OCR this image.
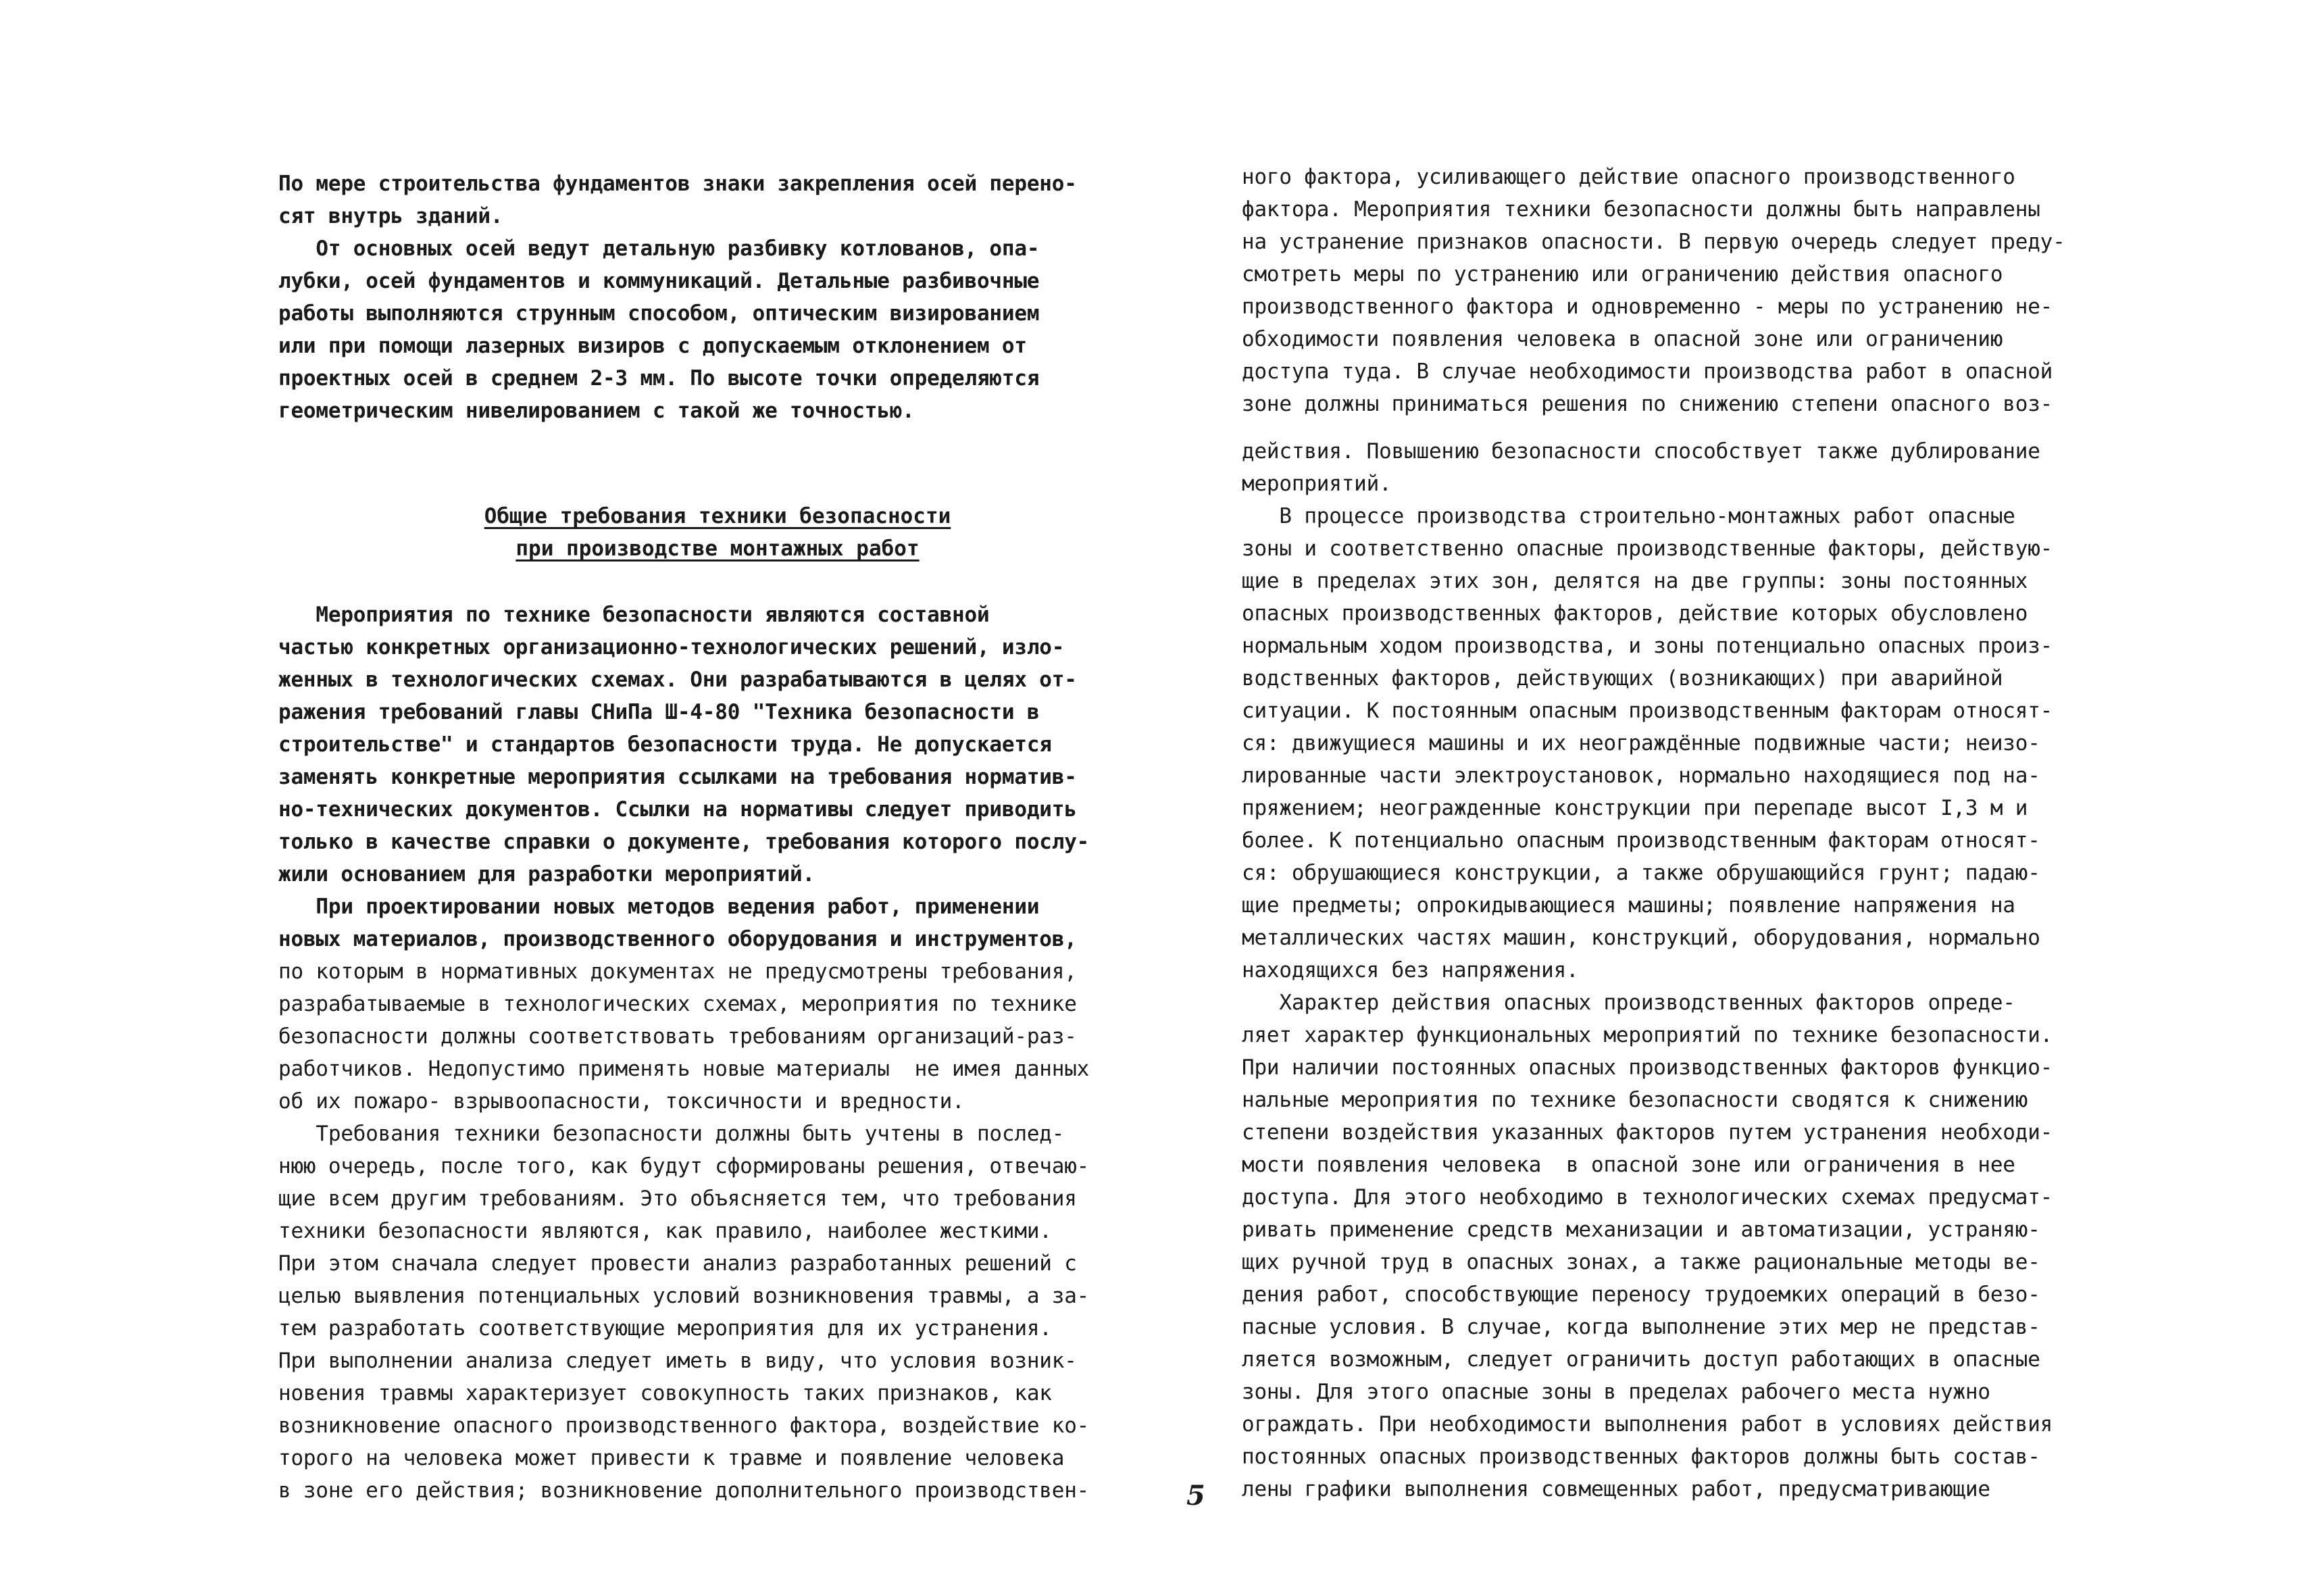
По мере строительства фундаментов знаки закрепления осей перено-
сят внутрь зданий.
От основных осей ведут детальную разбивку котлованов, опа-
лубки, осей фундаментов и коммуникаций. Детальные разбивочные
работы выполняются струнным способом, оптическим визированием
или при помощи лазерных визиров с допускаемым отклонением от
проектных осей в среднем 2-3 мм. По высоте точки определяются
геометрическим нивелированием с такой же точностью.
Общие требования техники безопасности
при производстве монтажных работ
Мероприятия по технике безопасности являются составной
частью конкретных организационно-технологических решений, изло-
женных в технологических схемах. Они разрабатываются в целях от-
ражения требований главы СНиПа Ш-4-80 "Техника безопасности в
строительстве" и стандартов безопасности труда. Не допускается
заменять конкретные мероприятия ссылками на требования норматив-
но-технических документов. Ссылки на нормативы следует приводить
только в качестве справки о документе, требования которого послу-
жили основанием для разработки мероприятий.
При проектировании новых методов ведения работ, применении
новых материалов, производственного оборудования и инструментов,
по которым в нормативных документах не предусмотрены требования,
разрабатываемые в технологических схемах, мероприятия по технике
безопасности должны соответствовать требованиям организаций-раз-
работчиков. Недопустимо применять новые материалы  не имея данных
об их пожаро- взрывоопасности, токсичности и вредности.
Требования техники безопасности должны быть учтены в послед-
нюю очередь, после того, как будут сформированы решения, отвечаю-
щие всем другим требованиям. Это объясняется тем, что требования
техники безопасности являются, как правило, наиболее жесткими.
При этом сначала следует провести анализ разработанных решений с
целью выявления потенциальных условий возникновения травмы, а за-
тем разработать соответствующие мероприятия для их устранения.
При выполнении анализа следует иметь в виду, что условия возник-
новения травмы характеризует совокупность таких признаков, как
возникновение опасного производственного фактора, воздействие ко-
торого на человека может привести к травме и появление человека
в зоне его действия; возникновение дополнительного производствен-
ного фактора, усиливающего действие опасного производственного
фактора. Мероприятия техники безопасности должны быть направлены
на устранение признаков опасности. В первую очередь следует преду-
смотреть меры по устранению или ограничению действия опасного
производственного фактора и одновременно - меры по устранению не-
обходимости появления человека в опасной зоне или ограничению
доступа туда. В случае необходимости производства работ в опасной
зоне должны приниматься решения по снижению степени опасного воз-
действия. Повышению безопасности способствует также дублирование
мероприятий.
В процессе производства строительно-монтажных работ опасные
зоны и соответственно опасные производственные факторы, действую-
щие в пределах этих зон, делятся на две группы: зоны постоянных
опасных производственных факторов, действие которых обусловлено
нормальным ходом производства, и зоны потенциально опасных произ-
водственных факторов, действующих (возникающих) при аварийной
ситуации. К постоянным опасным производственным факторам относят-
ся: движущиеся машины и их неограждённые подвижные части; неизо-
лированные части электроустановок, нормально находящиеся под на-
пряжением; неогражденные конструкции при перепаде высот I,3 м и
более. К потенциально опасным производственным факторам относят-
ся: обрушающиеся конструкции, а также обрушающийся грунт; падаю-
щие предметы; опрокидывающиеся машины; появление напряжения на
металлических частях машин, конструкций, оборудования, нормально
находящихся без напряжения.
Характер действия опасных производственных факторов опреде-
ляет характер функциональных мероприятий по технике безопасности.
При наличии постоянных опасных производственных факторов функцио-
нальные мероприятия по технике безопасности сводятся к снижению
степени воздействия указанных факторов путем устранения необходи-
мости появления человека  в опасной зоне или ограничения в нее
доступа. Для этого необходимо в технологических схемах предусмат-
ривать применение средств механизации и автоматизации, устраняю-
щих ручной труд в опасных зонах, а также рациональные методы ве-
дения работ, способствующие переносу трудоемких операций в безо-
пасные условия. В случае, когда выполнение этих мер не представ-
ляется возможным, следует ограничить доступ работающих в опасные
зоны. Для этого опасные зоны в пределах рабочего места нужно
ограждать. При необходимости выполнения работ в условиях действия
постоянных опасных производственных факторов должны быть состав-
лены графики выполнения совмещенных работ, предусматривающие
5
